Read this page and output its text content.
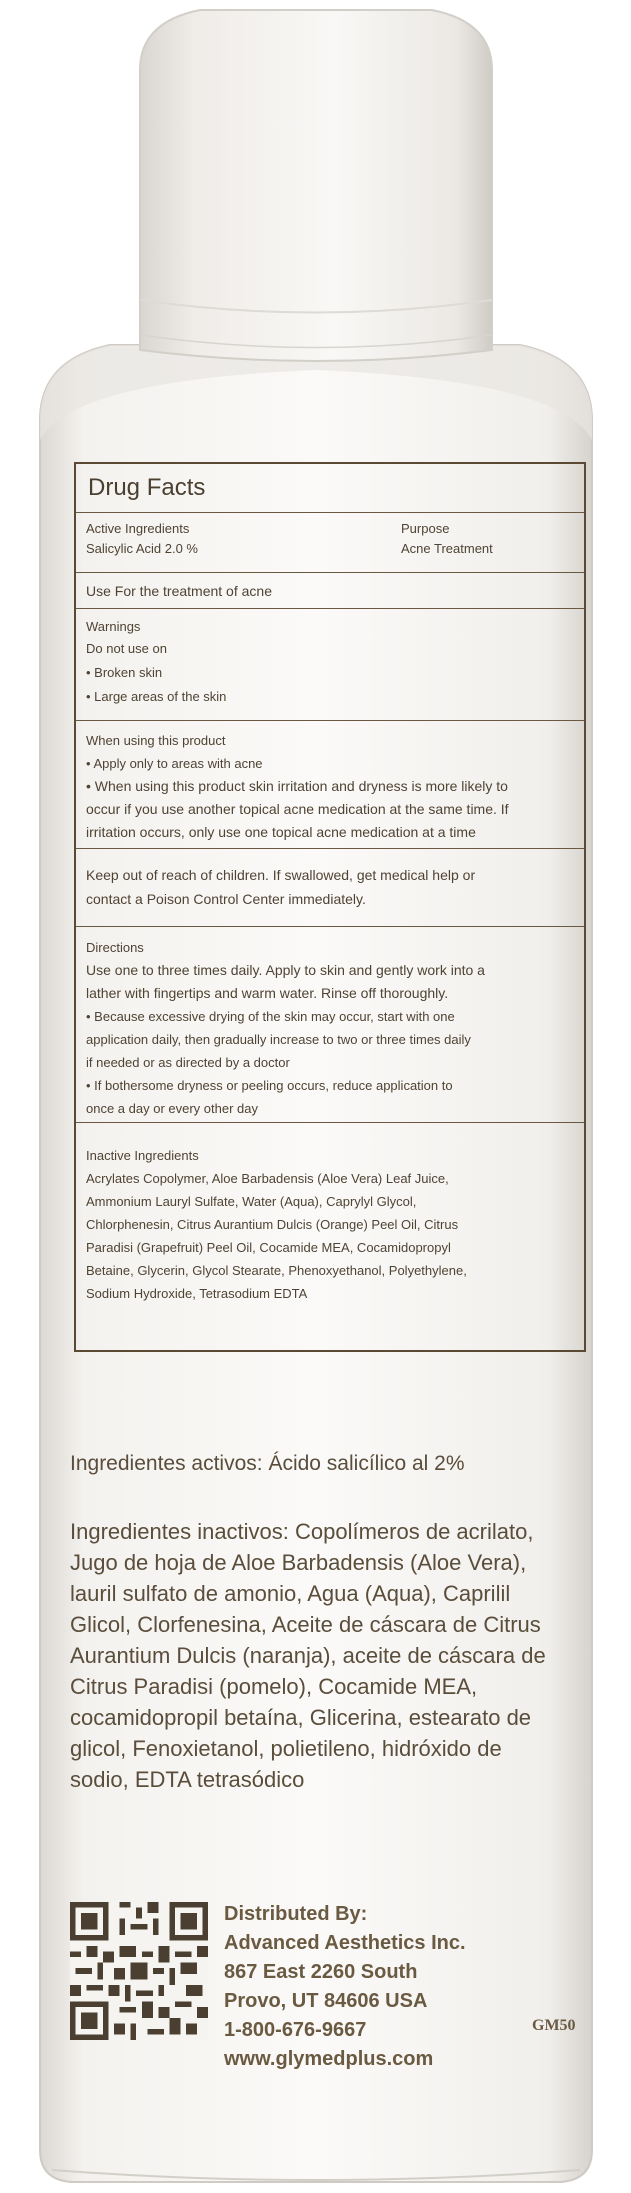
Drug Facts

Active Ingredients

Salicylic Acid 2.0 %

Purpose

Acne Treatment

Use For the treatment of acne

Warnings

Do not use on

• Broken skin

• Large areas of the skin

When using this product

• Apply only to areas with acne

• When using this product skin irritation and dryness is more likely to

occur if you use another topical acne medication at the same time. If

irritation occurs, only use one topical acne medication at a time

Keep out of reach of children. If swallowed, get medical help or

contact a Poison Control Center immediately.

Directions

Use one to three times daily. Apply to skin and gently work into a

lather with fingertips and warm water. Rinse off thoroughly.

• Because excessive drying of the skin may occur, start with one

application daily, then gradually increase to two or three times daily

if needed or as directed by a doctor

• If bothersome dryness or peeling occurs, reduce application to

once a day or every other day

Inactive Ingredients

Acrylates Copolymer, Aloe Barbadensis (Aloe Vera) Leaf Juice,

Ammonium Lauryl Sulfate, Water (Aqua), Caprylyl Glycol,

Chlorphenesin, Citrus Aurantium Dulcis (Orange) Peel Oil, Citrus

Paradisi (Grapefruit) Peel Oil, Cocamide MEA, Cocamidopropyl

Betaine, Glycerin, Glycol Stearate, Phenoxyethanol, Polyethylene,

Sodium Hydroxide, Tetrasodium EDTA

Ingredientes activos: Ácido salicílico al 2%
Ingredientes inactivos: Copolímeros de acrilato,
Jugo de hoja de Aloe Barbadensis (Aloe Vera),
lauril sulfato de amonio, Agua (Aqua), Caprilil
Glicol, Clorfenesina, Aceite de cáscara de Citrus
Aurantium Dulcis (naranja), aceite de cáscara de
Citrus Paradisi (pomelo), Cocamide MEA,
cocamidopropil betaína, Glicerina, estearato de
glicol, Fenoxietanol, polietileno, hidróxido de
sodio, EDTA tetrasódico
Distributed By:
Advanced Aesthetics Inc.
867 East 2260 South
Provo, UT 84606 USA
1-800-676-9667
www.glymedplus.com
GM50
